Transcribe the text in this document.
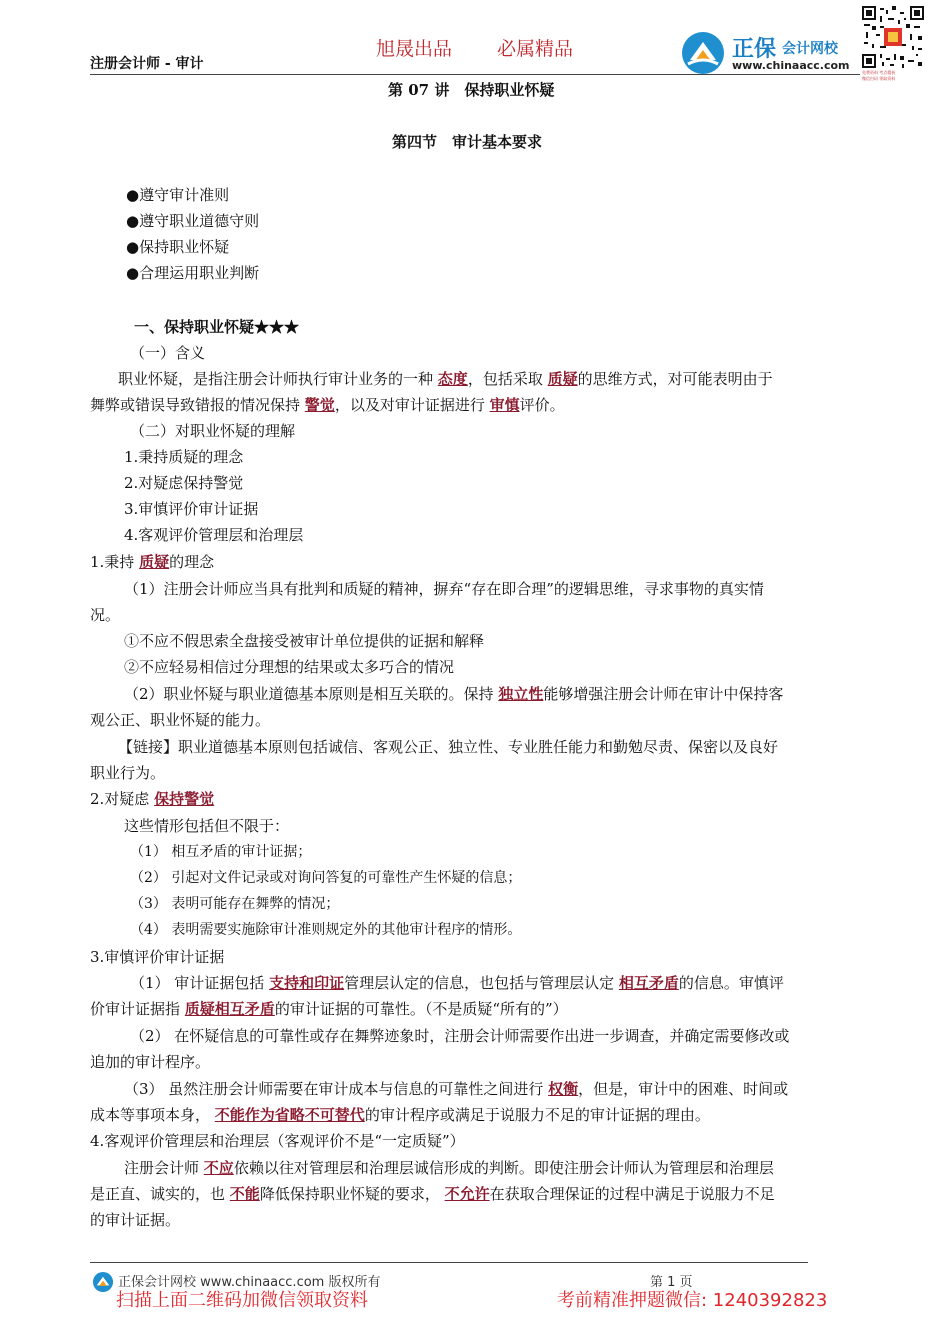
注册会计师 - 审计
旭晟出品 必属精品	正保 会计网校
www.chinaacc.com
免费资料 考点精析
微信扫码 领取资料
第 07 讲　保持职业怀疑
第四节　审计基本要求
●遵守审计准则
●遵守职业道德守则
●保持职业怀疑
●合理运用职业判断
一、保持职业怀疑★★★
（一）含义
职业怀疑，是指注册会计师执行审计业务的一种 态度，包括采取 质疑的思维方式，对可能表明由于
舞弊或错误导致错报的情况保持 警觉，以及对审计证据进行 审慎评价。
（二）对职业怀疑的理解
1.秉持质疑的理念
2.对疑虑保持警觉
3.审慎评价审计证据
4.客观评价管理层和治理层
1.秉持 质疑的理念
（1）注册会计师应当具有批判和质疑的精神，摒弃“存在即合理”的逻辑思维，寻求事物的真实情
况。
①不应不假思索全盘接受被审计单位提供的证据和解释
②不应轻易相信过分理想的结果或太多巧合的情况
（2）职业怀疑与职业道德基本原则是相互关联的。保持 独立性能够增强注册会计师在审计中保持客
观公正、职业怀疑的能力。
【链接】职业道德基本原则包括诚信、客观公正、独立性、专业胜任能力和勤勉尽责、保密以及良好
职业行为。
2.对疑虑 保持警觉
这些情形包括但不限于：
（1） 相互矛盾的审计证据；
（2） 引起对文件记录或对询问答复的可靠性产生怀疑的信息；
（3） 表明可能存在舞弊的情况；
（4） 表明需要实施除审计准则规定外的其他审计程序的情形。
3.审慎评价审计证据
（1） 审计证据包括 支持和印证管理层认定的信息，也包括与管理层认定 相互矛盾的信息。审慎评
价审计证据指 质疑相互矛盾的审计证据的可靠性。（不是质疑“所有的”）
（2） 在怀疑信息的可靠性或存在舞弊迹象时，注册会计师需要作出进一步调查，并确定需要修改或
追加的审计程序。
（3） 虽然注册会计师需要在审计成本与信息的可靠性之间进行 权衡，但是，审计中的困难、时间或
成本等事项本身， 不能作为省略不可替代的审计程序或满足于说服力不足的审计证据的理由。
4.客观评价管理层和治理层（客观评价不是“一定质疑”）
注册会计师 不应依赖以往对管理层和治理层诚信形成的判断。即使注册会计师认为管理层和治理层
是正直、诚实的，也 不能降低保持职业怀疑的要求， 不允许在获取合理保证的过程中满足于说服力不足
的审计证据。
正保会计网校 www.chinaacc.com 版权所有	第 1 页
扫描上面二维码加微信领取资料	考前精准押题微信: 1240392823
